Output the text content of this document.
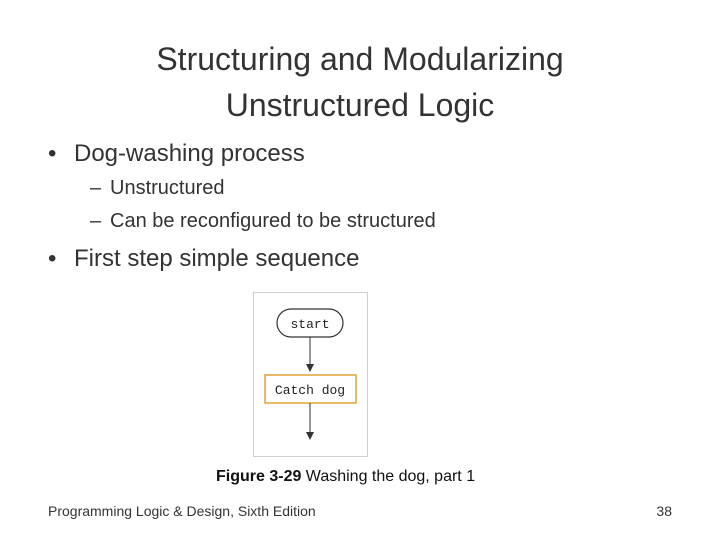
Structuring and Modularizing
Unstructured Logic
• Dog-washing process
– Unstructured
– Can be reconfigured to be structured
• First step simple sequence
start
Catch dog
Figure 3-29 Washing the dog, part 1
Programming Logic & Design, Sixth Edition	38
